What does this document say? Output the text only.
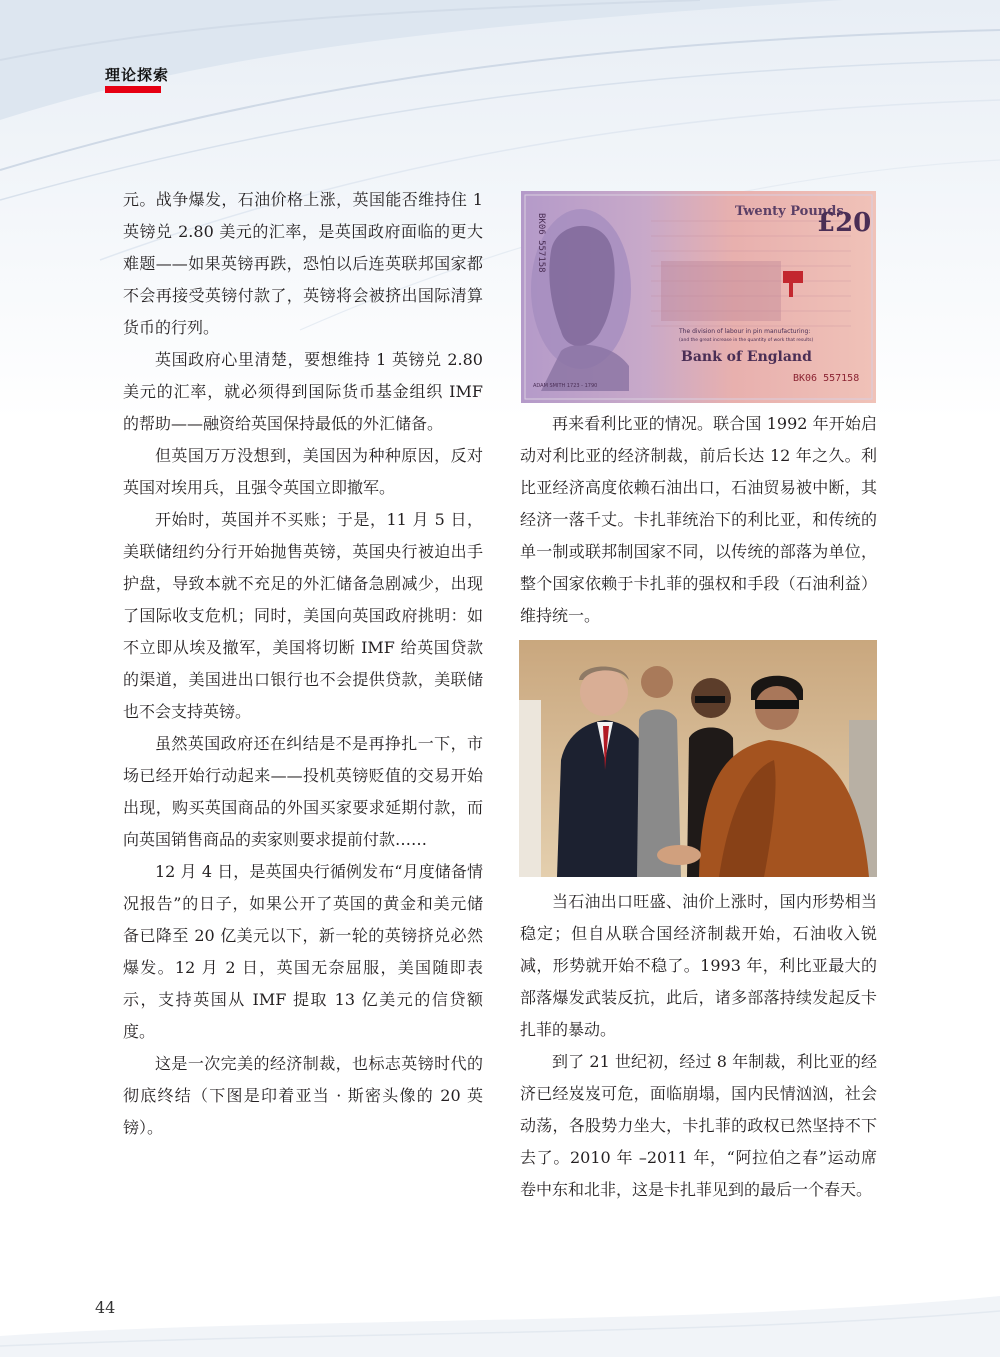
理论探索

元。战争爆发，石油价格上涨，英国能否维持住 1 英镑兑 2.80 美元的汇率，是英国政府面临的更大难题——如果英镑再跌，恐怕以后连英联邦国家都不会再接受英镑付款了，英镑将会被挤出国际清算货币的行列。

英国政府心里清楚，要想维持 1 英镑兑 2.80 美元的汇率，就必须得到国际货币基金组织 IMF 的帮助——融资给英国保持最低的外汇储备。

但英国万万没想到，美国因为种种原因，反对英国对埃用兵，且强令英国立即撤军。

开始时，英国并不买账；于是，11 月 5 日，美联储纽约分行开始抛售英镑，英国央行被迫出手护盘，导致本就不充足的外汇储备急剧减少，出现了国际收支危机；同时，美国向英国政府挑明：如不立即从埃及撤军，美国将切断 IMF 给英国贷款的渠道，美国进出口银行也不会提供贷款，美联储也不会支持英镑。

虽然英国政府还在纠结是不是再挣扎一下，市场已经开始行动起来——投机英镑贬值的交易开始出现，购买英国商品的外国买家要求延期付款，而向英国销售商品的卖家则要求提前付款……

12 月 4 日，是英国央行循例发布“月度储备情况报告”的日子，如果公开了英国的黄金和美元储备已降至 20 亿美元以下，新一轮的英镑挤兑必然爆发。12 月 2 日，英国无奈屈服，美国随即表示，支持英国从 IMF 提取 13 亿美元的信贷额度。

这是一次完美的经济制裁，也标志英镑时代的彻底终结（下图是印着亚当 · 斯密头像的 20 英镑）。

Twenty Pounds
£20
The division of labour in pin manufacturing:
(and the great increase in the quantity of work that results)
Bank of England
BK06 557158
ADAM SMITH 1723 - 1790
BK06 557158

再来看利比亚的情况。联合国 1992 年开始启动对利比亚的经济制裁，前后长达 12 年之久。利比亚经济高度依赖石油出口，石油贸易被中断，其经济一落千丈。卡扎菲统治下的利比亚，和传统的单一制或联邦制国家不同，以传统的部落为单位，整个国家依赖于卡扎菲的强权和手段（石油利益）维持统一。

当石油出口旺盛、油价上涨时，国内形势相当稳定；但自从联合国经济制裁开始，石油收入锐减，形势就开始不稳了。1993 年，利比亚最大的部落爆发武装反抗，此后，诸多部落持续发起反卡扎菲的暴动。

到了 21 世纪初，经过 8 年制裁，利比亚的经济已经岌岌可危，面临崩塌，国内民情汹汹，社会动荡，各股势力坐大，卡扎菲的政权已然坚持不下去了。2010 年 –2011 年，“阿拉伯之春”运动席卷中东和北非，这是卡扎菲见到的最后一个春天。

44
